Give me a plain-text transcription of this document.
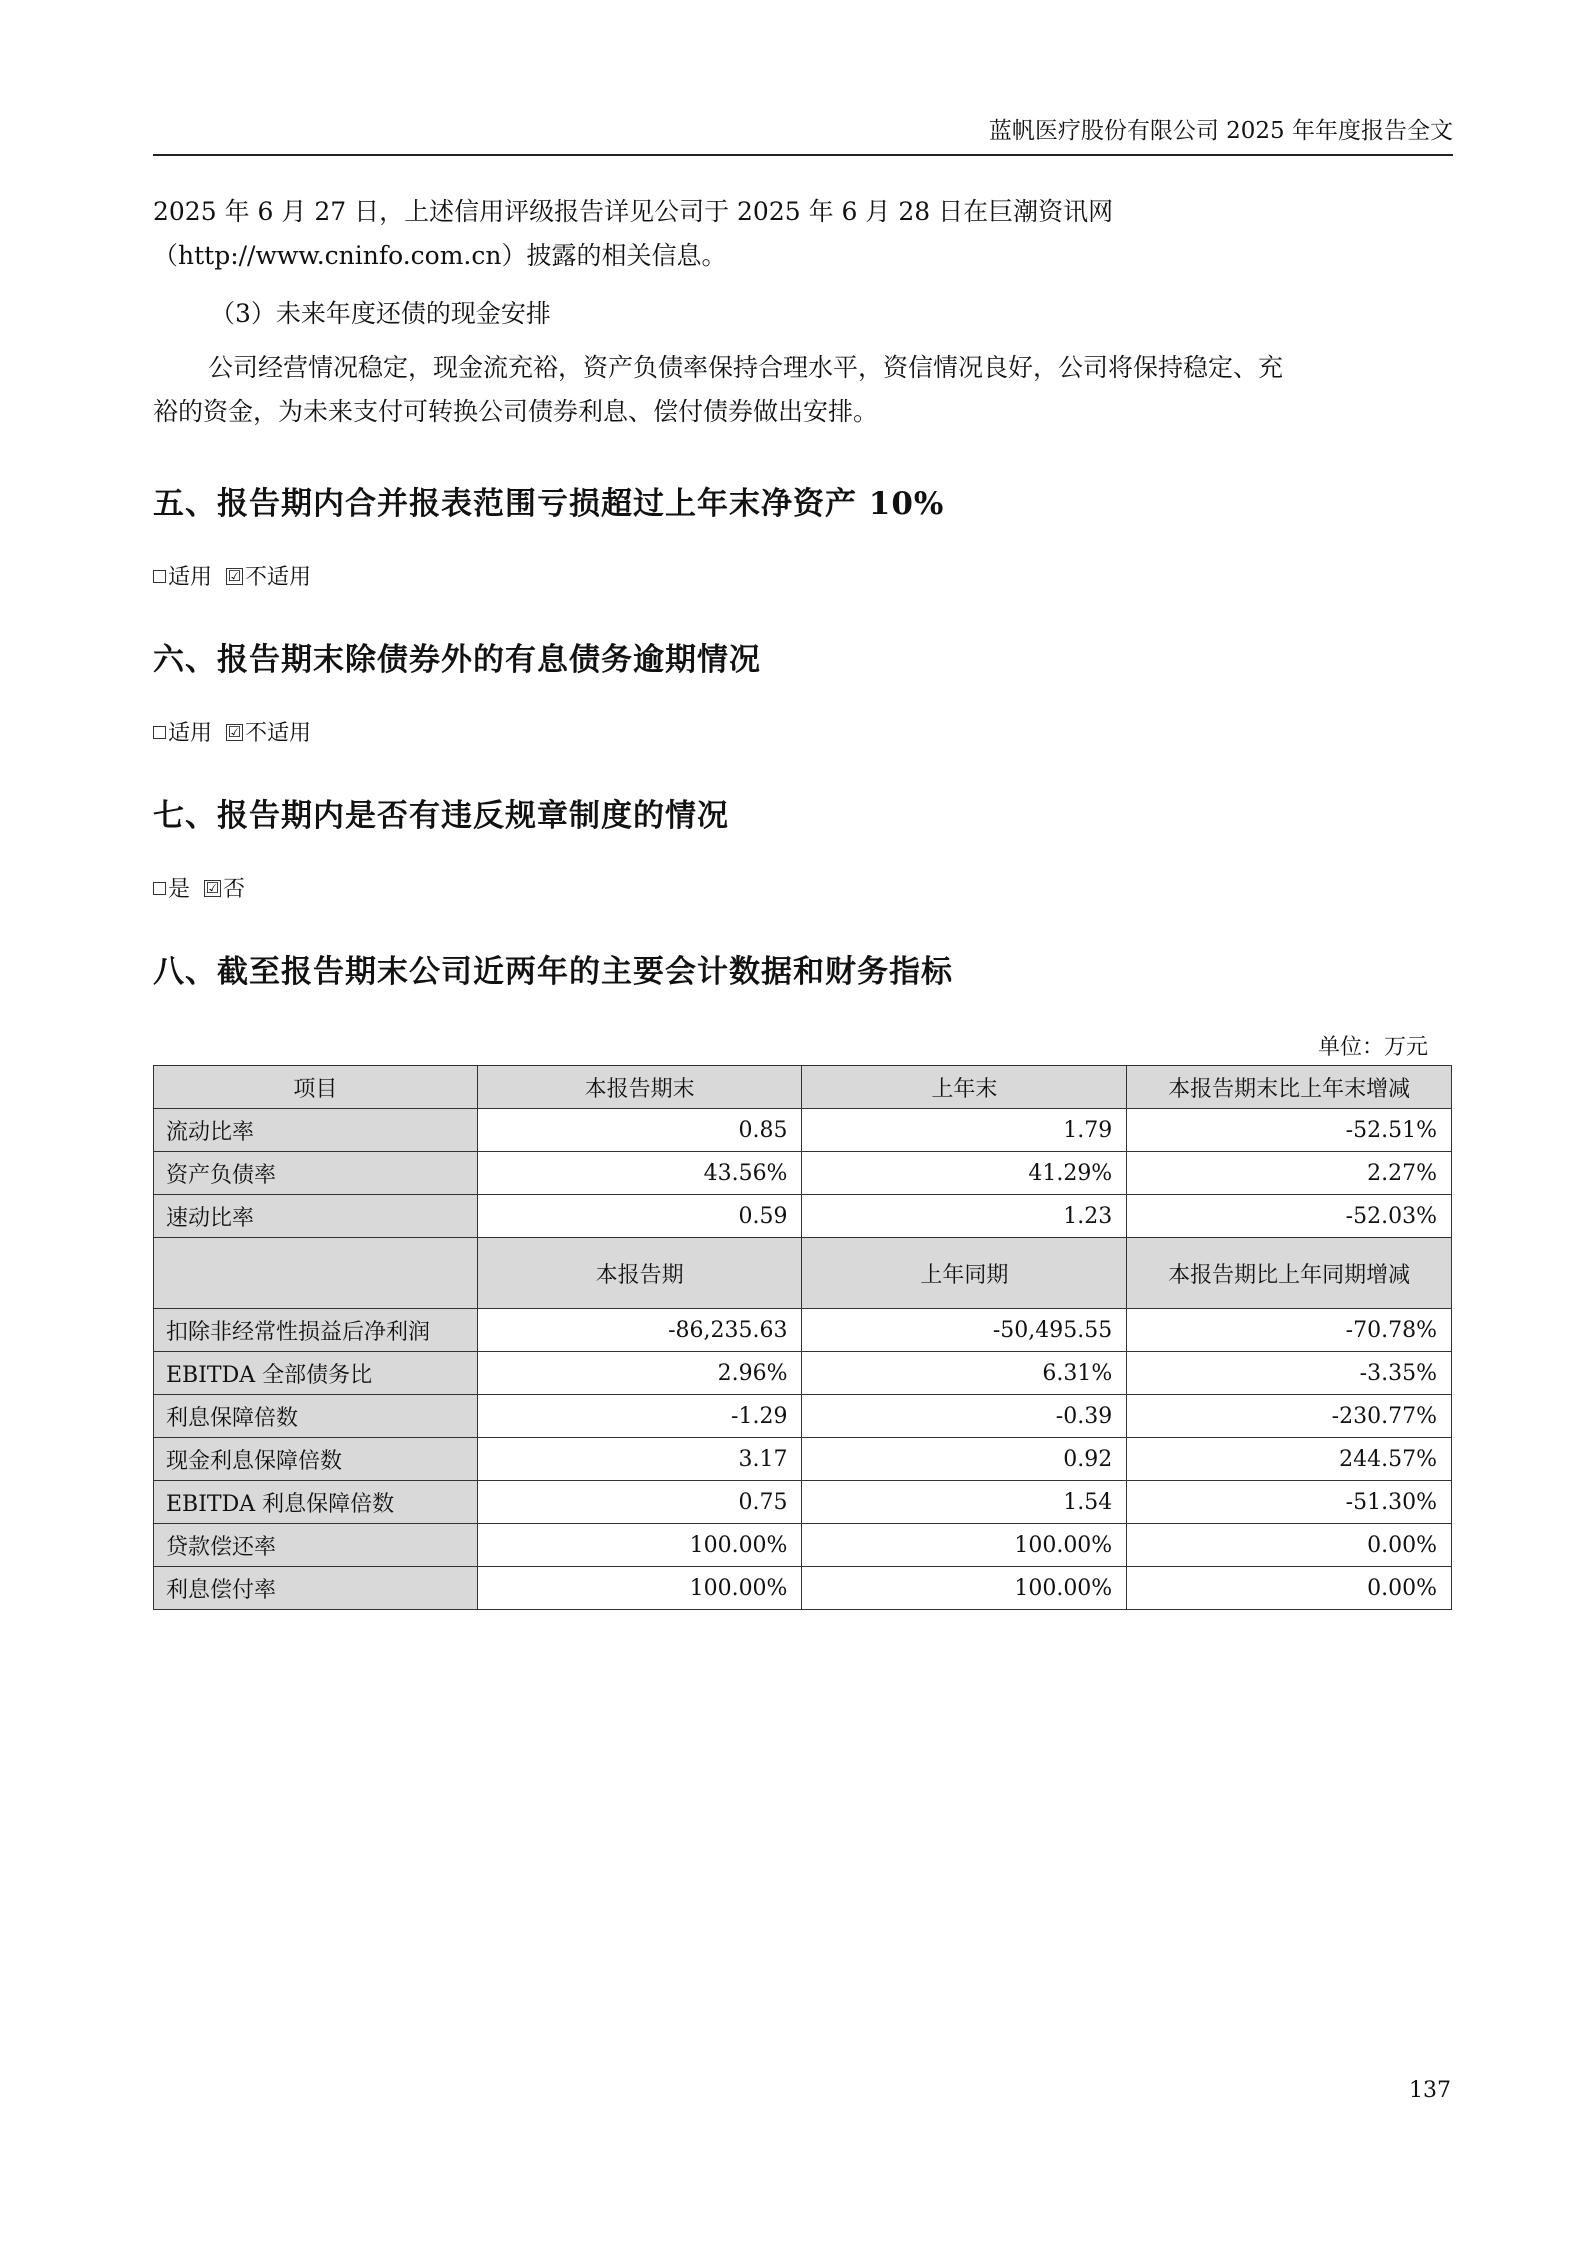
蓝帆医疗股份有限公司 2025 年年度报告全文
2025 年 6 月 27 日，上述信用评级报告详见公司于 2025 年 6 月 28 日在巨潮资讯网
（http://www.cninfo.com.cn）披露的相关信息。
（3）未来年度还债的现金安排
公司经营情况稳定，现金流充裕，资产负债率保持合理水平，资信情况良好，公司将保持稳定、充
裕的资金，为未来支付可转换公司债券利息、偿付债券做出安排。
五、报告期内合并报表范围亏损超过上年末净资产 10%
适用 ☑ 不适用
六、报告期末除债券外的有息债务逾期情况
适用 ☑ 不适用
七、报告期内是否有违反规章制度的情况
是 ☑ 否
八、截至报告期末公司近两年的主要会计数据和财务指标
单位：万元
项目	本报告期末	上年末	本报告期末比上年末增减
流动比率	0.85	1.79	-52.51%
资产负债率	43.56%	41.29%	2.27%
速动比率	0.59	1.23	-52.03%
	本报告期	上年同期	本报告期比上年同期增减
扣除非经常性损益后净利润	-86,235.63	-50,495.55	-70.78%
EBITDA 全部债务比	2.96%	6.31%	-3.35%
利息保障倍数	-1.29	-0.39	-230.77%
现金利息保障倍数	3.17	0.92	244.57%
EBITDA 利息保障倍数	0.75	1.54	-51.30%
贷款偿还率	100.00%	100.00%	0.00%
利息偿付率	100.00%	100.00%	0.00%
137
